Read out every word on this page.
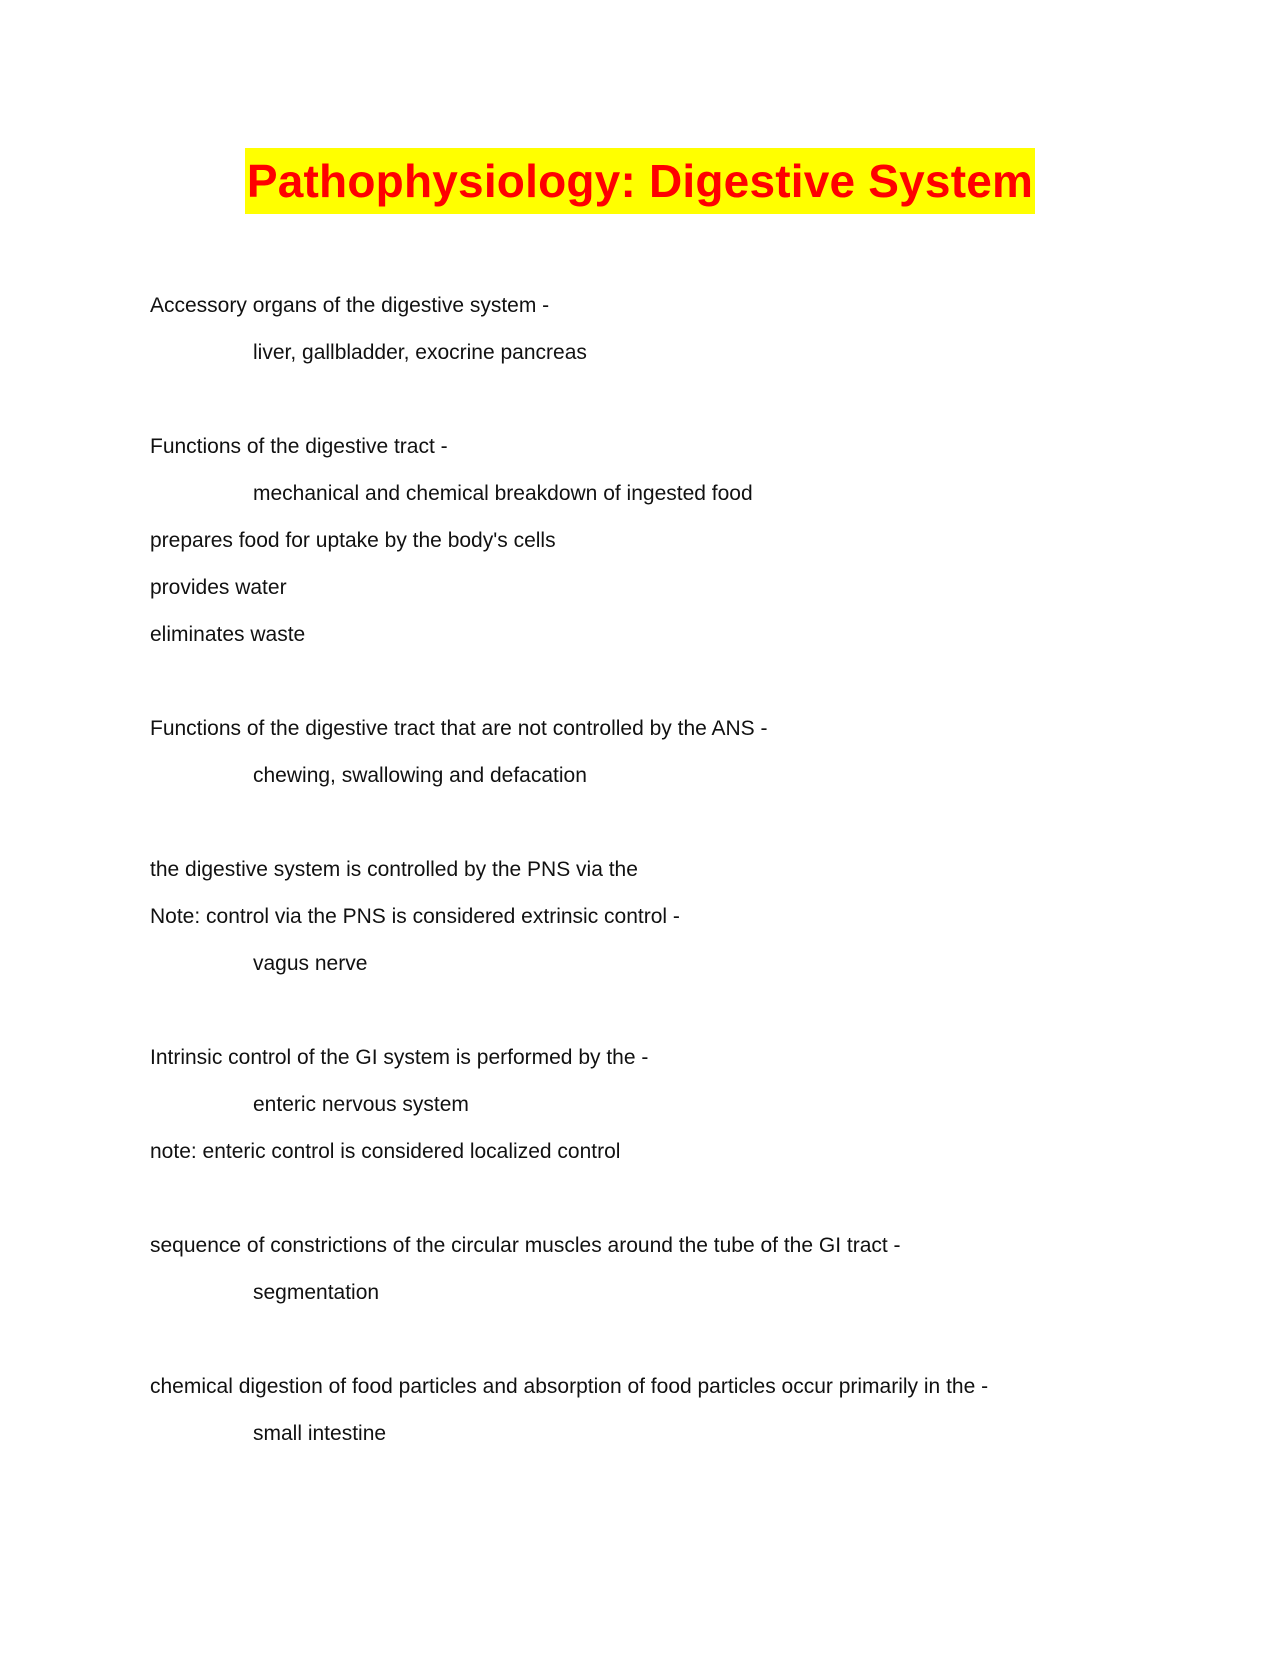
Pathophysiology: Digestive System
Accessory organs of the digestive system -
liver, gallbladder, exocrine pancreas
Functions of the digestive tract -
mechanical and chemical breakdown of ingested food
prepares food for uptake by the body's cells
provides water
eliminates waste
Functions of the digestive tract that are not controlled by the ANS -
chewing, swallowing and defacation
the digestive system is controlled by the PNS via the
Note: control via the PNS is considered extrinsic control -
vagus nerve
Intrinsic control of the GI system is performed by the -
enteric nervous system
note: enteric control is considered localized control
sequence of constrictions of the circular muscles around the tube of the GI tract -
segmentation
chemical digestion of food particles and absorption of food particles occur primarily in the -
small intestine
